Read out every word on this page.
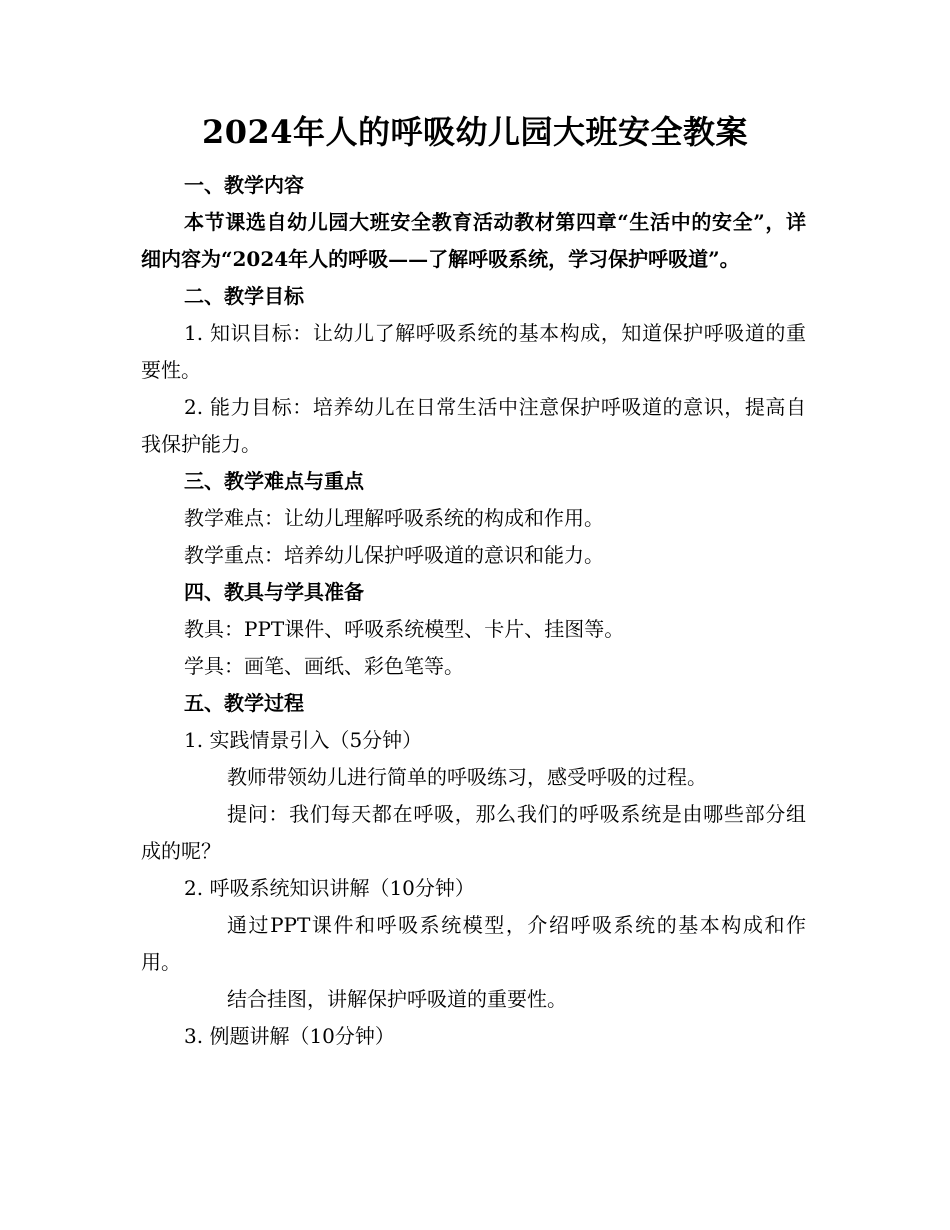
2024年人的呼吸幼儿园大班安全教案

一、教学内容

本节课选自幼儿园大班安全教育活动教材第四章“生活中的安全”，详细内容为“2024年人的呼吸——了解呼吸系统，学习保护呼吸道”。

二、教学目标

1. 知识目标：让幼儿了解呼吸系统的基本构成，知道保护呼吸道的重要性。

2. 能力目标：培养幼儿在日常生活中注意保护呼吸道的意识，提高自我保护能力。

三、教学难点与重点

教学难点：让幼儿理解呼吸系统的构成和作用。

教学重点：培养幼儿保护呼吸道的意识和能力。

四、教具与学具准备

教具：PPT课件、呼吸系统模型、卡片、挂图等。

学具：画笔、画纸、彩色笔等。

五、教学过程

1. 实践情景引入（5分钟）

教师带领幼儿进行简单的呼吸练习，感受呼吸的过程。

提问：我们每天都在呼吸，那么我们的呼吸系统是由哪些部分组成的呢？

2. 呼吸系统知识讲解（10分钟）

通过PPT课件和呼吸系统模型，介绍呼吸系统的基本构成和作用。

结合挂图，讲解保护呼吸道的重要性。

3. 例题讲解（10分钟）
